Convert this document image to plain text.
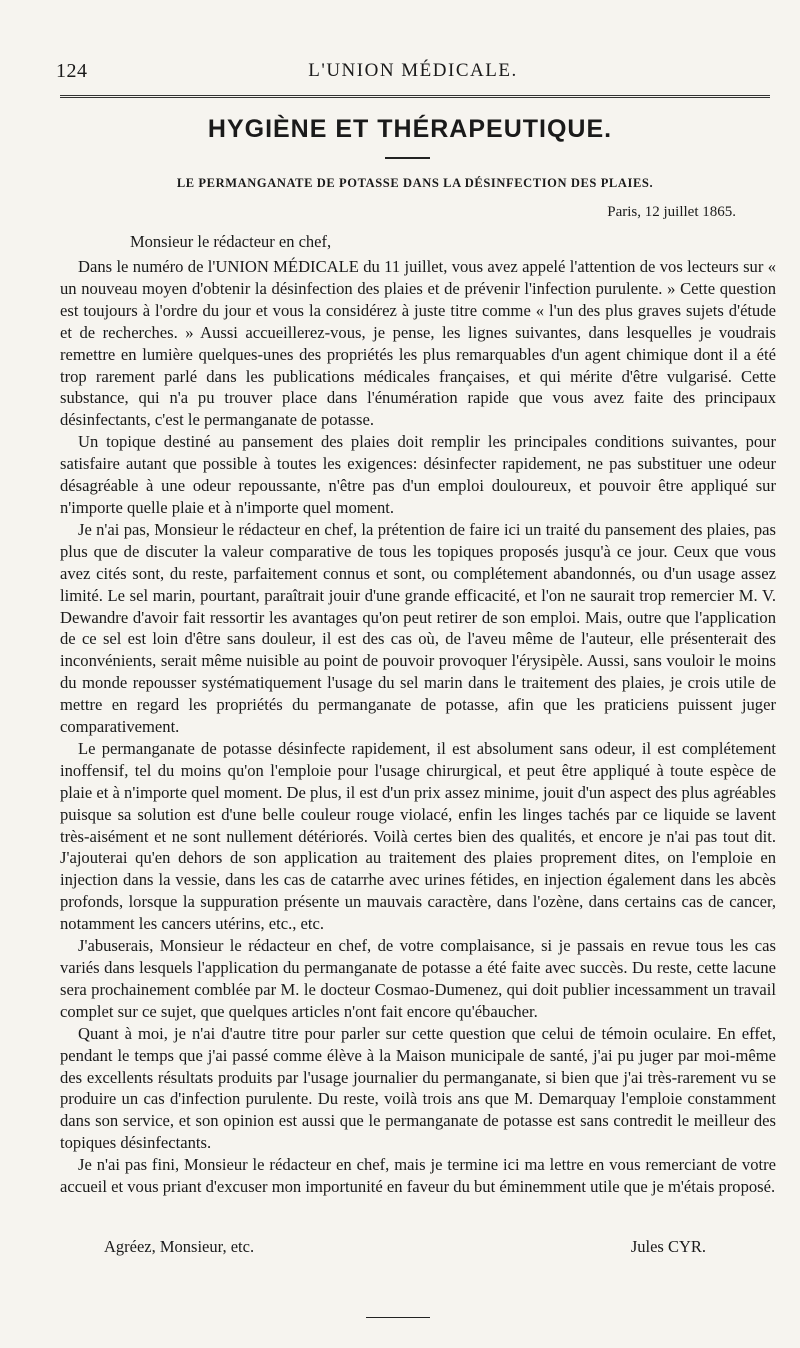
124	L'UNION MÉDICALE.
HYGIÈNE ET THÉRAPEUTIQUE.
LE PERMANGANATE DE POTASSE DANS LA DÉSINFECTION DES PLAIES.
Paris, 12 juillet 1865.
Monsieur le rédacteur en chef,

Dans le numéro de l'UNION MÉDICALE du 11 juillet, vous avez appelé l'attention de vos lecteurs sur « un nouveau moyen d'obtenir la désinfection des plaies et de prévenir l'infection purulente. » Cette question est toujours à l'ordre du jour et vous la considérez à juste titre comme « l'un des plus graves sujets d'étude et de recherches. » Aussi accueillerez-vous, je pense, les lignes suivantes, dans lesquelles je voudrais remettre en lumière quelques-unes des propriétés les plus remarquables d'un agent chimique dont il a été trop rarement parlé dans les publications médicales françaises, et qui mérite d'être vulgarisé. Cette substance, qui n'a pu trouver place dans l'énumération rapide que vous avez faite des principaux désinfectants, c'est le permanganate de potasse.

Un topique destiné au pansement des plaies doit remplir les principales conditions suivantes, pour satisfaire autant que possible à toutes les exigences: désinfecter rapidement, ne pas substituer une odeur désagréable à une odeur repoussante, n'être pas d'un emploi douloureux, et pouvoir être appliqué sur n'importe quelle plaie et à n'importe quel moment.

Je n'ai pas, Monsieur le rédacteur en chef, la prétention de faire ici un traité du pansement des plaies, pas plus que de discuter la valeur comparative de tous les topiques proposés jusqu'à ce jour. Ceux que vous avez cités sont, du reste, parfaitement connus et sont, ou complétement abandonnés, ou d'un usage assez limité. Le sel marin, pourtant, paraîtrait jouir d'une grande efficacité, et l'on ne saurait trop remercier M. V. Dewandre d'avoir fait ressortir les avantages qu'on peut retirer de son emploi. Mais, outre que l'application de ce sel est loin d'être sans douleur, il est des cas où, de l'aveu même de l'auteur, elle présenterait des inconvénients, serait même nuisible au point de pouvoir provoquer l'érysipèle. Aussi, sans vouloir le moins du monde repousser systématiquement l'usage du sel marin dans le traitement des plaies, je crois utile de mettre en regard les propriétés du permanganate de potasse, afin que les praticiens puissent juger comparativement.

Le permanganate de potasse désinfecte rapidement, il est absolument sans odeur, il est complétement inoffensif, tel du moins qu'on l'emploie pour l'usage chirurgical, et peut être appliqué à toute espèce de plaie et à n'importe quel moment. De plus, il est d'un prix assez minime, jouit d'un aspect des plus agréables puisque sa solution est d'une belle couleur rouge violacé, enfin les linges tachés par ce liquide se lavent très-aisément et ne sont nullement détériorés. Voilà certes bien des qualités, et encore je n'ai pas tout dit. J'ajouterai qu'en dehors de son application au traitement des plaies proprement dites, on l'emploie en injection dans la vessie, dans les cas de catarrhe avec urines fétides, en injection également dans les abcès profonds, lorsque la suppuration présente un mauvais caractère, dans l'ozène, dans certains cas de cancer, notamment les cancers utérins, etc., etc.

J'abuserais, Monsieur le rédacteur en chef, de votre complaisance, si je passais en revue tous les cas variés dans lesquels l'application du permanganate de potasse a été faite avec succès. Du reste, cette lacune sera prochainement comblée par M. le docteur Cosmao-Dumenez, qui doit publier incessamment un travail complet sur ce sujet, que quelques articles n'ont fait encore qu'ébaucher.

Quant à moi, je n'ai d'autre titre pour parler sur cette question que celui de témoin oculaire. En effet, pendant le temps que j'ai passé comme élève à la Maison municipale de santé, j'ai pu juger par moi-même des excellents résultats produits par l'usage journalier du permanganate, si bien que j'ai très-rarement vu se produire un cas d'infection purulente. Du reste, voilà trois ans que M. Demarquay l'emploie constamment dans son service, et son opinion est aussi que le permanganate de potasse est sans contredit le meilleur des topiques désinfectants.

Je n'ai pas fini, Monsieur le rédacteur en chef, mais je termine ici ma lettre en vous remerciant de votre accueil et vous priant d'excuser mon importunité en faveur du but éminemment utile que je m'étais proposé.

Agréez, Monsieur, etc.	Jules CYR.
